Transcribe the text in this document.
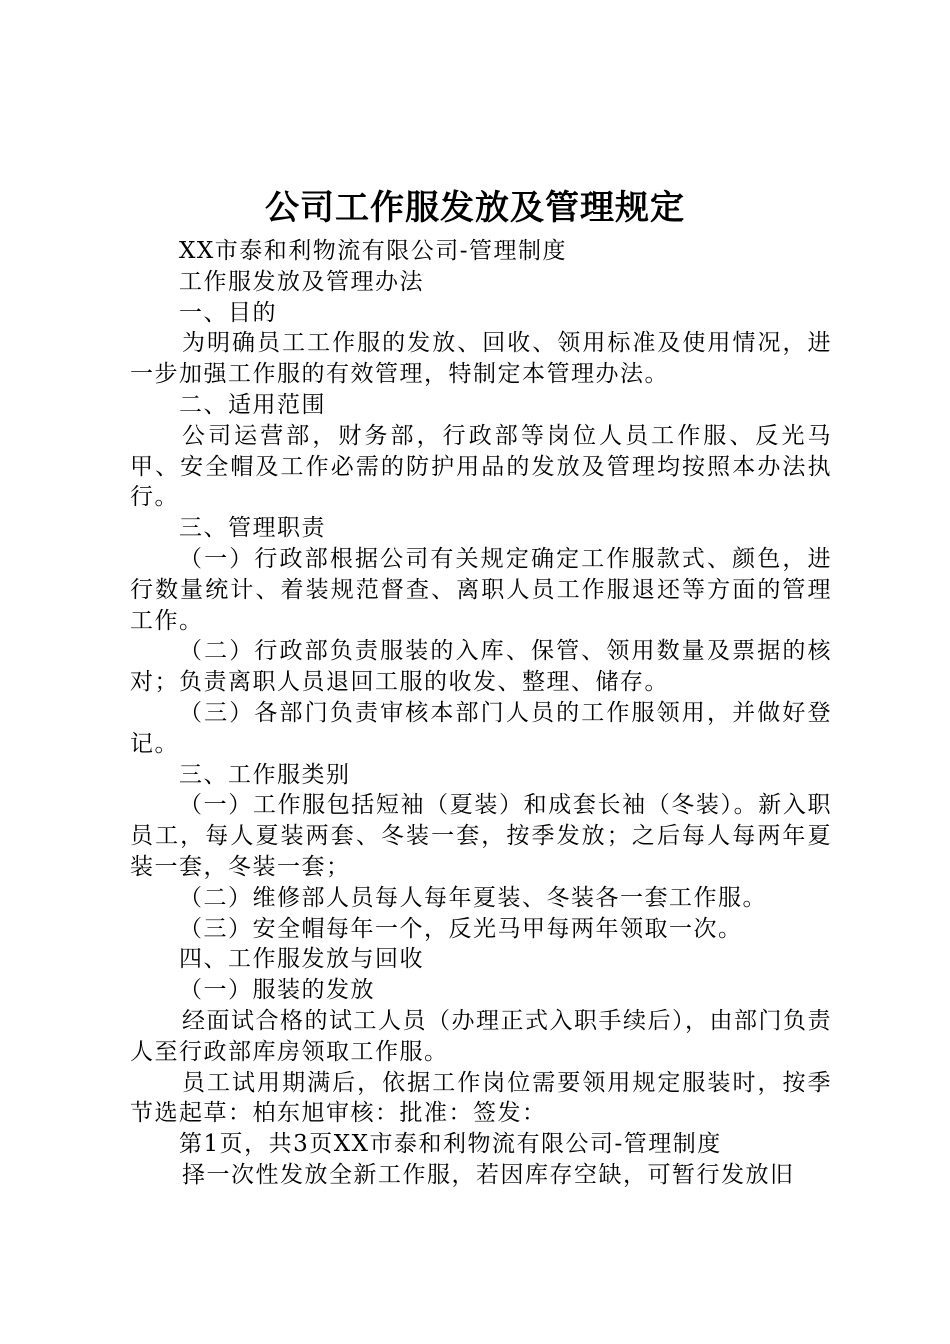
公司工作服发放及管理规定

XX市泰和利物流有限公司-管理制度

工作服发放及管理办法

一、目的

为明确员工工作服的发放、回收、领用标准及使用情况，进一步加强工作服的有效管理，特制定本管理办法。

二、适用范围

公司运营部，财务部，行政部等岗位人员工作服、反光马甲、安全帽及工作必需的防护用品的发放及管理均按照本办法执行。

三、管理职责

（一）行政部根据公司有关规定确定工作服款式、颜色，进行数量统计、着装规范督查、离职人员工作服退还等方面的管理工作。

（二）行政部负责服装的入库、保管、领用数量及票据的核对；负责离职人员退回工服的收发、整理、储存。

（三）各部门负责审核本部门人员的工作服领用，并做好登记。

三、工作服类别

（一）工作服包括短袖（夏装）和成套长袖（冬装）。新入职员工，每人夏装两套、冬装一套，按季发放；之后每人每两年夏装一套，冬装一套；

（二）维修部人员每人每年夏装、冬装各一套工作服。

（三）安全帽每年一个，反光马甲每两年领取一次。

四、工作服发放与回收

（一）服装的发放

经面试合格的试工人员（办理正式入职手续后），由部门负责人至行政部库房领取工作服。

员工试用期满后，依据工作岗位需要领用规定服装时，按季节选起草：柏东旭审核：批准：签发：

第1页，共3页XX市泰和利物流有限公司-管理制度

择一次性发放全新工作服，若因库存空缺，可暂行发放旧
